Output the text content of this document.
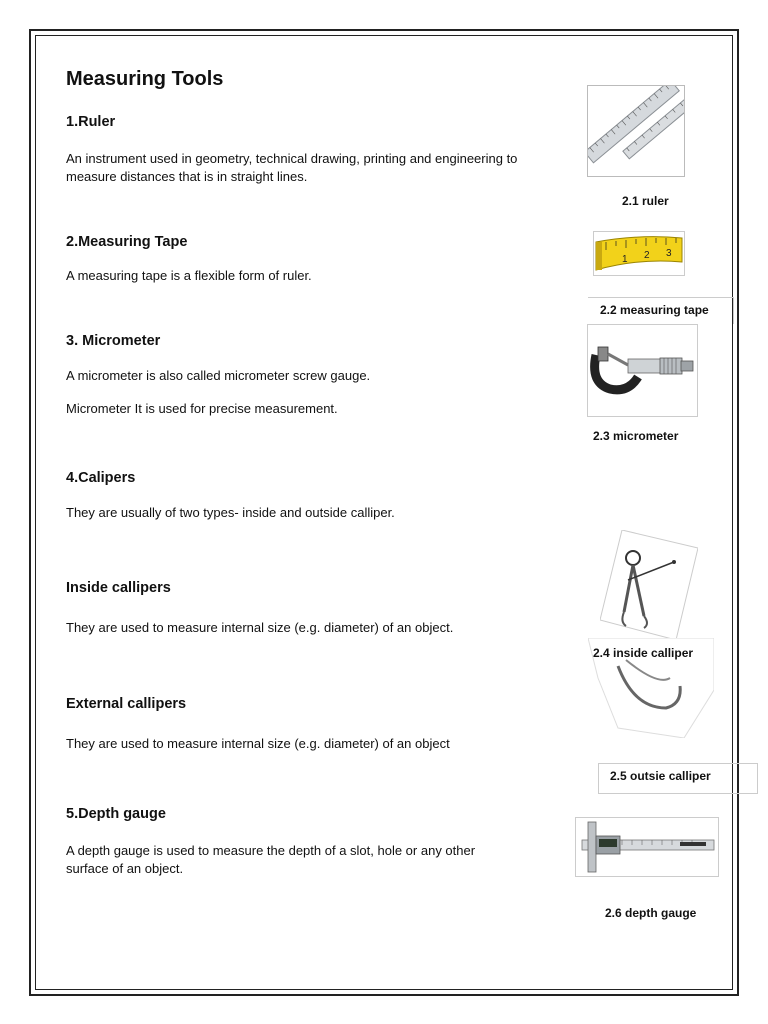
Measuring Tools
1.Ruler
An instrument used in geometry, technical drawing, printing and engineering to measure distances that is in straight lines.
2.Measuring Tape
A measuring tape is a flexible form of ruler.
3. Micrometer
A micrometer is also called micrometer screw gauge.
Micrometer It is used for precise measurement.
4.Calipers
They are usually of two types- inside and outside calliper.
Inside callipers
They are used to measure internal size (e.g. diameter) of an object.
External callipers
They are used to measure internal size (e.g. diameter) of an object
5.Depth gauge
A depth gauge is used to measure the depth of a slot, hole or any other surface of an object.
2.1 ruler
1 2 3
2.2 measuring tape
2.3 micrometer
2.4 inside calliper
2.5 outsie calliper
2.6 depth gauge
